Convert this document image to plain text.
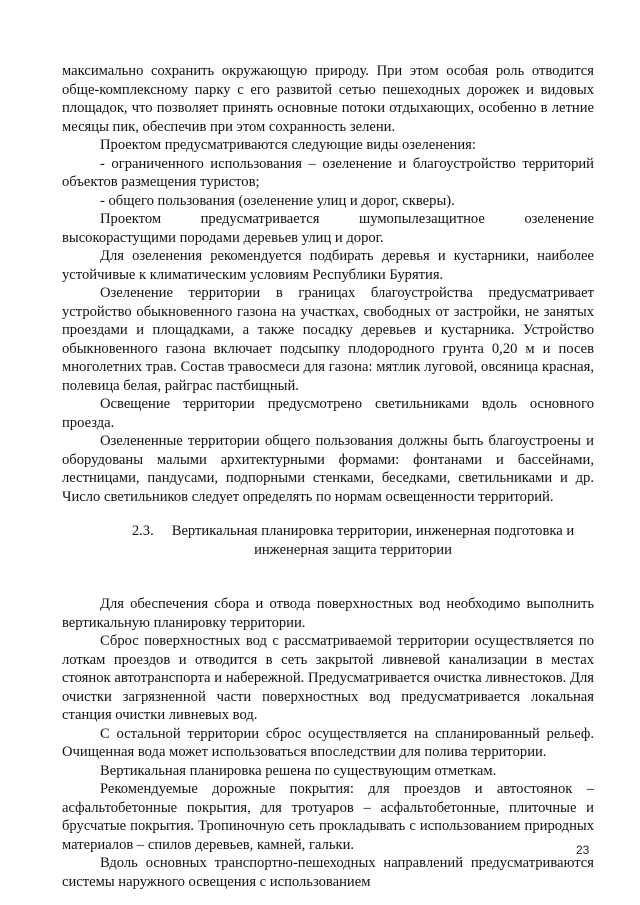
максимально сохранить окружающую природу. При этом особая роль отводится обще-комплексному парку с его развитой сетью пешеходных дорожек и видовых площадок, что позволяет принять основные потоки отдыхающих, особенно в летние месяцы пик, обеспечив при этом сохранность зелени.

Проектом предусматриваются следующие виды озеленения:

- ограниченного использования – озеленение и благоустройство территорий объектов размещения туристов;

- общего пользования (озеленение улиц и дорог, скверы).

Проектом предусматривается шумопылезащитное озеленение высокорастущими породами деревьев улиц и дорог.

Для озеленения рекомендуется подбирать деревья и кустарники, наиболее устойчивые к климатическим условиям Республики Бурятия.

Озеленение территории в границах благоустройства предусматривает устройство обыкновенного газона на участках, свободных от застройки, не занятых проездами и площадками, а также посадку деревьев и кустарника. Устройство обыкновенного газона включает подсыпку плодородного грунта 0,20 м и посев многолетних трав. Состав травосмеси для газона: мятлик луговой, овсяница красная, полевица белая, райграс пастбищный.

Освещение территории предусмотрено светильниками вдоль основного проезда.

Озелененные территории общего пользования должны быть благоустроены и оборудованы малыми архитектурными формами: фонтанами и бассейнами, лестницами, пандусами, подпорными стенками, беседками, светильниками и др. Число светильников следует определять по нормам освещенности территорий.

2.3. Вертикальная планировка территории, инженерная подготовка и
инженерная защита территории

Для обеспечения сбора и отвода поверхностных вод необходимо выполнить вертикальную планировку территории.

Сброс поверхностных вод с рассматриваемой территории осуществляется по лоткам проездов и отводится в сеть закрытой ливневой канализации в местах стоянок автотранспорта и набережной. Предусматривается очистка ливнестоков. Для очистки загрязненной части поверхностных вод предусматривается локальная станция очистки ливневых вод.

С остальной территории сброс осуществляется на спланированный рельеф. Очищенная вода может использоваться впоследствии для полива территории.

Вертикальная планировка решена по существующим отметкам.

Рекомендуемые дорожные покрытия: для проездов и автостоянок – асфальтобетонные покрытия, для тротуаров – асфальтобетонные, плиточные и брусчатые покрытия. Тропиночную сеть прокладывать с использованием природных материалов – спилов деревьев, камней, гальки.

Вдоль основных транспортно-пешеходных направлений предусматриваются системы наружного освещения с использованием

23
